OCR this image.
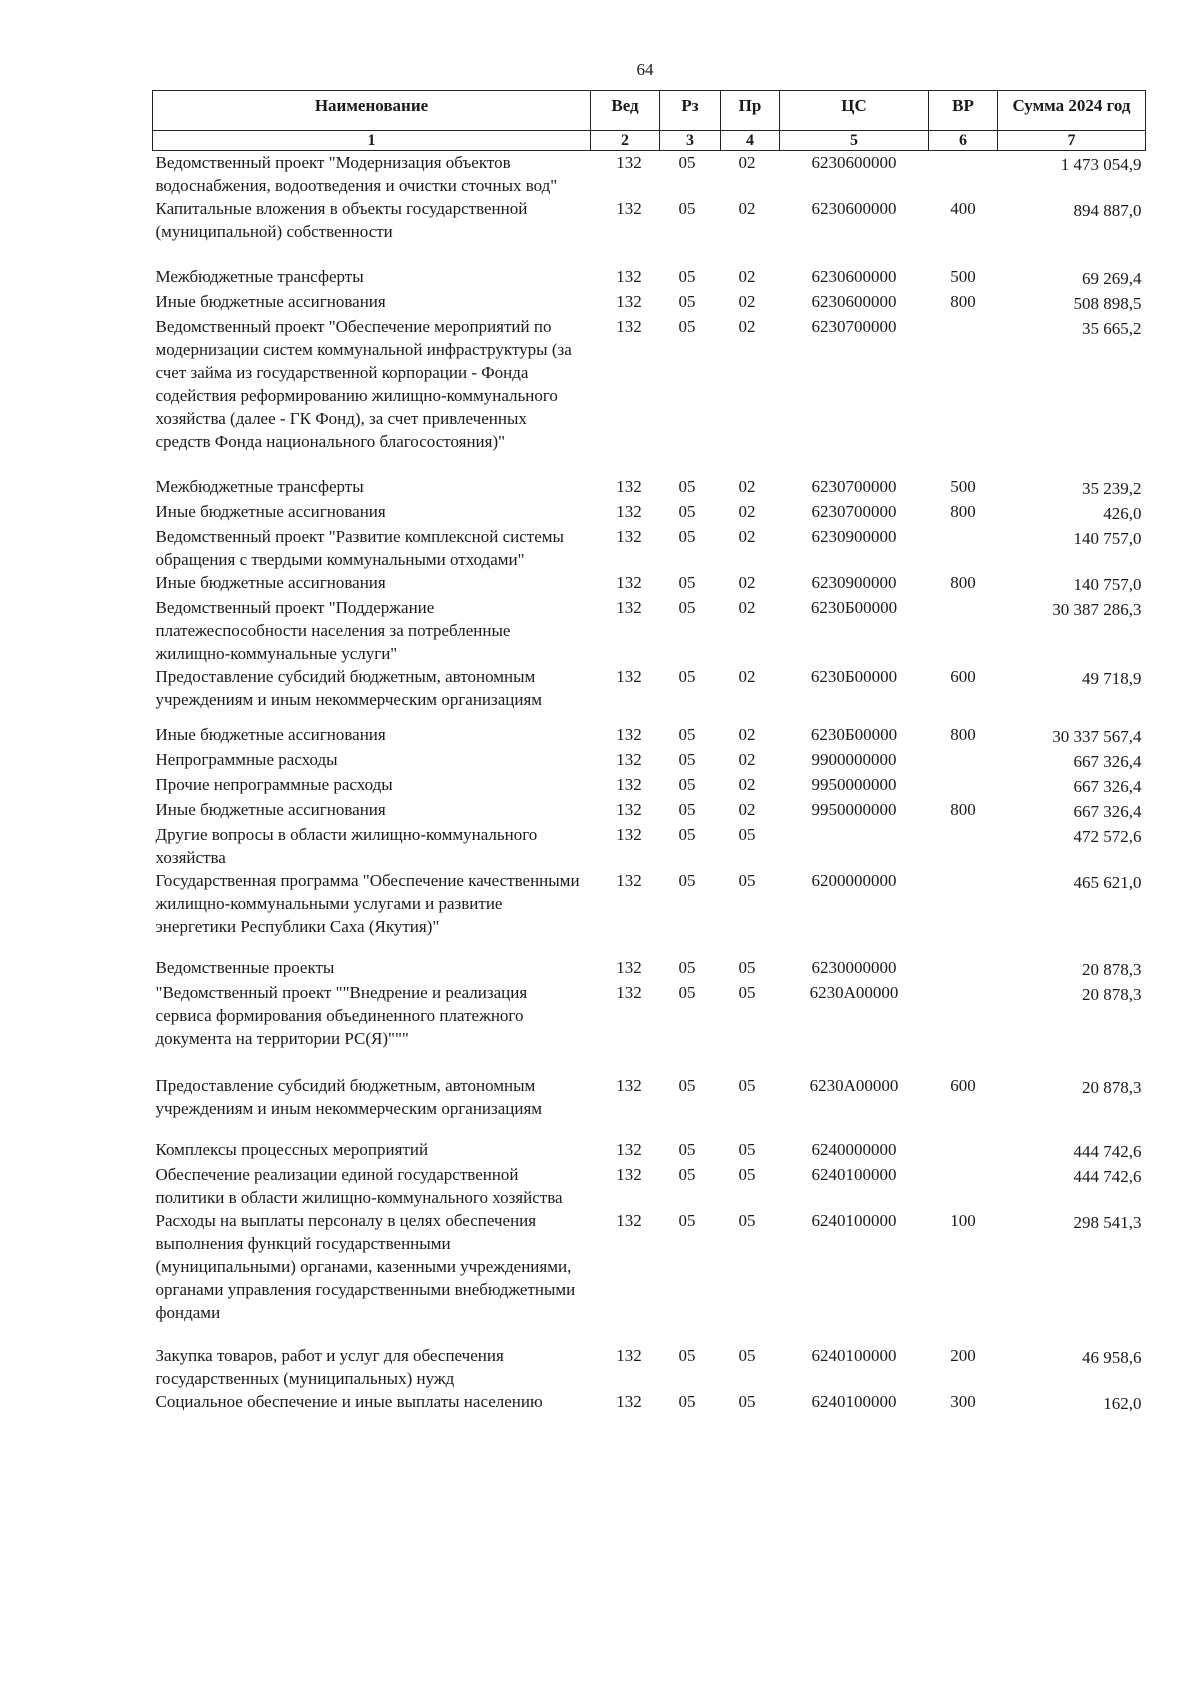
64
Наименование	Вед	Рз	Пр	ЦС	ВР	Сумма 2024 год
1	2	3	4	5	6	7
Ведомственный проект "Модернизация объектов водоснабжения, водоотведения и очистки сточных вод"	132	05	02	6230600000		1 473 054,9
Капитальные вложения в объекты государственной (муниципальной) собственности	132	05	02	6230600000	400	894 887,0
Межбюджетные трансферты	132	05	02	6230600000	500	69 269,4
Иные бюджетные ассигнования	132	05	02	6230600000	800	508 898,5
Ведомственный проект "Обеспечение мероприятий по модернизации систем коммунальной инфраструктуры (за счет займа из государственной корпорации - Фонда содействия реформированию жилищно-коммунального хозяйства (далее - ГК Фонд), за счет привлеченных средств Фонда национального благосостояния)"	132	05	02	6230700000		35 665,2
Межбюджетные трансферты	132	05	02	6230700000	500	35 239,2
Иные бюджетные ассигнования	132	05	02	6230700000	800	426,0
Ведомственный проект "Развитие комплексной системы обращения с твердыми коммунальными отходами"	132	05	02	6230900000		140 757,0
Иные бюджетные ассигнования	132	05	02	6230900000	800	140 757,0
Ведомственный проект "Поддержание платежеспособности населения за потребленные жилищно-коммунальные услуги"	132	05	02	6230Б00000		30 387 286,3
Предоставление субсидий бюджетным, автономным учреждениям и иным некоммерческим организациям	132	05	02	6230Б00000	600	49 718,9
Иные бюджетные ассигнования	132	05	02	6230Б00000	800	30 337 567,4
Непрограммные расходы	132	05	02	9900000000		667 326,4
Прочие непрограммные расходы	132	05	02	9950000000		667 326,4
Иные бюджетные ассигнования	132	05	02	9950000000	800	667 326,4
Другие вопросы в области жилищно-коммунального хозяйства	132	05	05			472 572,6
Государственная программа "Обеспечение качественными жилищно-коммунальными услугами и развитие энергетики Республики Саха (Якутия)"	132	05	05	6200000000		465 621,0
Ведомственные проекты	132	05	05	6230000000		20 878,3
"Ведомственный проект ""Внедрение и реализация сервиса формирования объединенного платежного документа на территории РС(Я)"""	132	05	05	6230А00000		20 878,3
Предоставление субсидий бюджетным, автономным учреждениям и иным некоммерческим организациям	132	05	05	6230А00000	600	20 878,3
Комплексы процессных мероприятий	132	05	05	6240000000		444 742,6
Обеспечение реализации единой государственной политики в области жилищно-коммунального хозяйства	132	05	05	6240100000		444 742,6
Расходы на выплаты персоналу в целях обеспечения выполнения функций государственными (муниципальными) органами, казенными учреждениями, органами управления государственными внебюджетными фондами	132	05	05	6240100000	100	298 541,3
Закупка товаров, работ и услуг для обеспечения государственных (муниципальных) нужд	132	05	05	6240100000	200	46 958,6
Социальное обеспечение и иные выплаты населению	132	05	05	6240100000	300	162,0
